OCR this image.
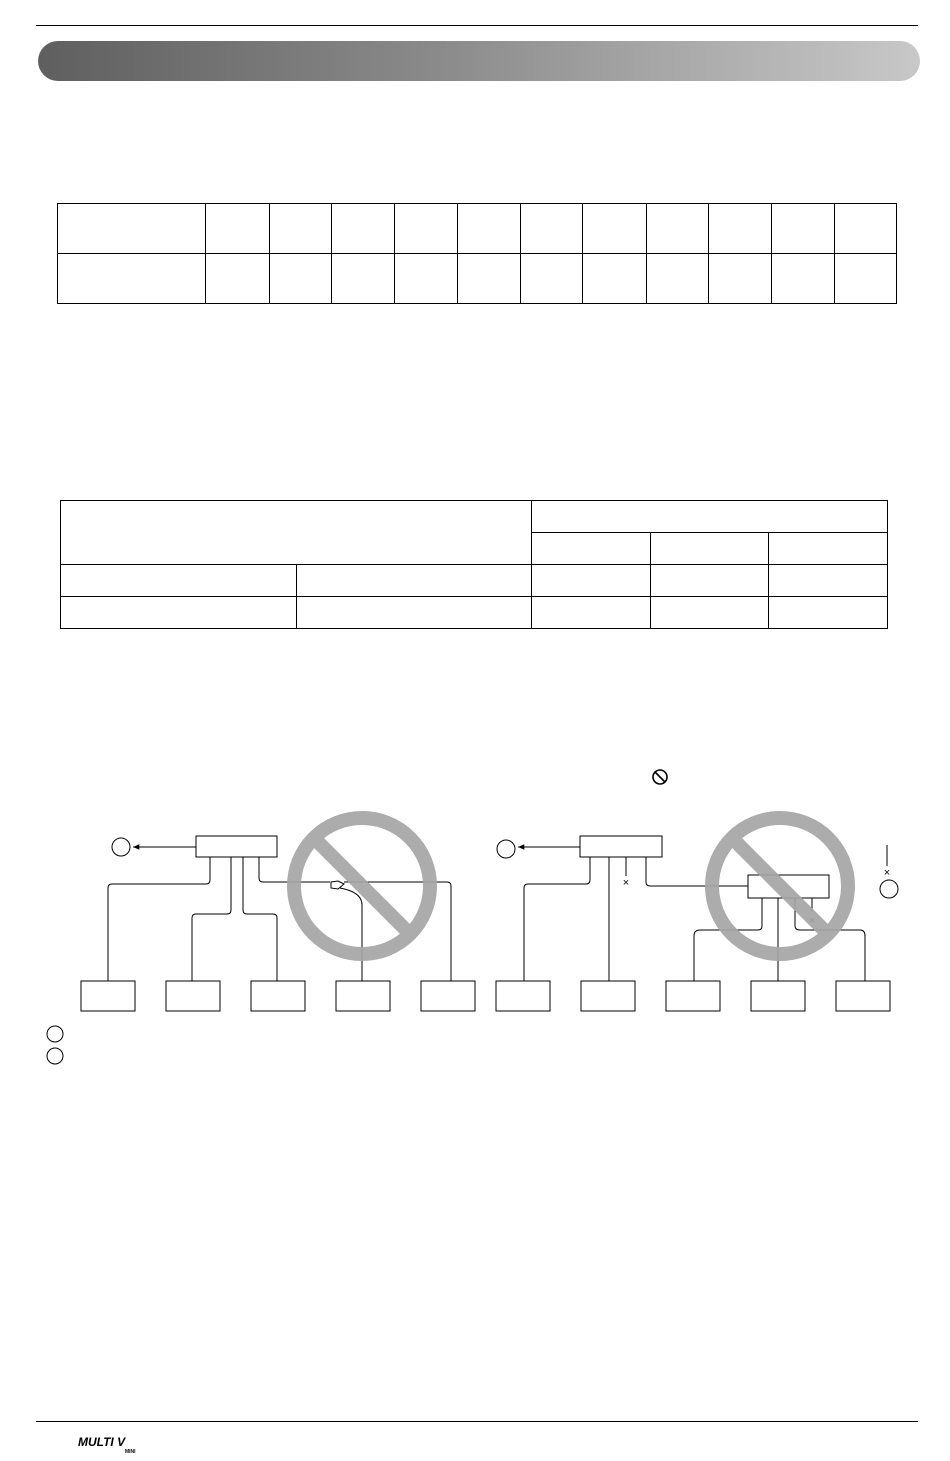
×
×
×
MULTI V
MINI
